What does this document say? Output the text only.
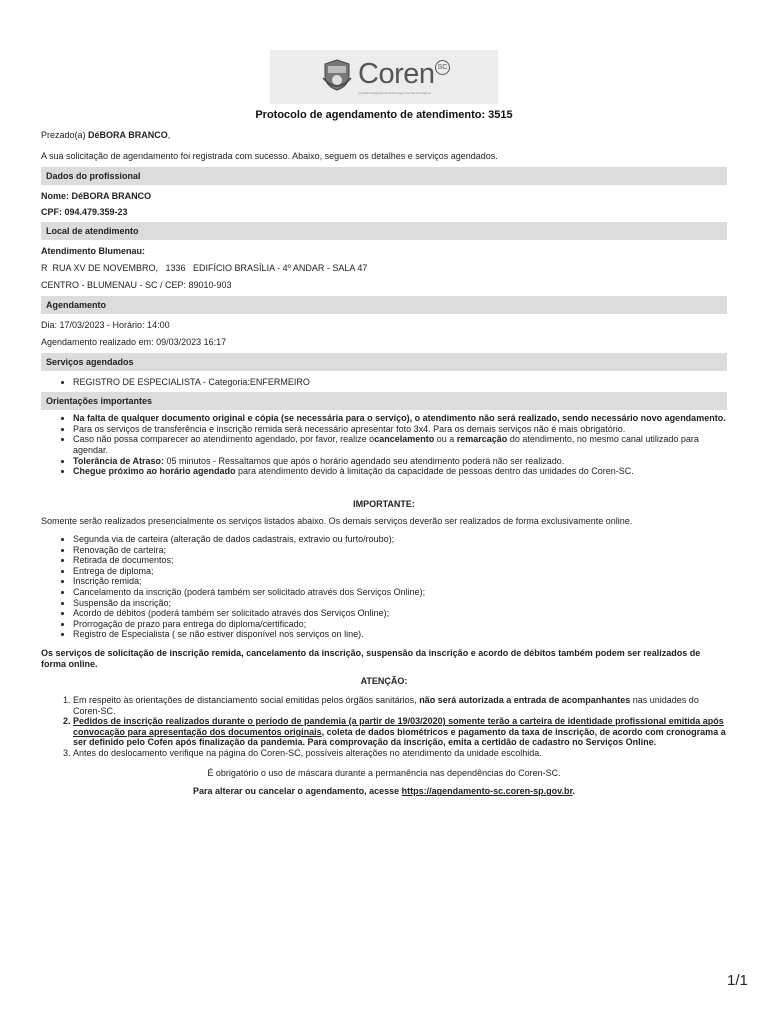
Coren SC
Conselho Regional de Enfermagem de Santa Catarina
Protocolo de agendamento de atendimento: 3515

Prezado(a) DéBORA BRANCO,

A sua solicitação de agendamento foi registrada com sucesso. Abaixo, seguem os detalhes e serviços agendados.

Dados do profissional

Nome: DéBORA BRANCO

CPF: 094.479.359-23

Local de atendimento

Atendimento Blumenau:

R  RUA XV DE NOVEMBRO,   1336   EDIFÍCIO BRASÍLIA - 4º ANDAR - SALA 47

CENTRO - BLUMENAU - SC / CEP: 89010-903

Agendamento

Dia: 17/03/2023 - Horário: 14:00

Agendamento realizado em: 09/03/2023 16:17

Serviços agendados
• REGISTRO DE ESPECIALISTA - Categoria:ENFERMEIRO
Orientações importantes
• Na falta de qualquer documento original e cópia (se necessária para o serviço), o atendimento não será realizado, sendo necessário novo agendamento.
• Para os serviços de transferência e inscrição remida será necessário apresentar foto 3x4. Para os demais serviços não é mais obrigatório.
• Caso não possa comparecer ao atendimento agendado, por favor, realize ocancelamento ou a remarcação do atendimento, no mesmo canal utilizado para agendar.
• Tolerância de Atraso: 05 minutos - Ressaltamos que após o horário agendado seu atendimento poderá não ser realizado.
• Chegue próximo ao horário agendado para atendimento devido à limitação da capacidade de pessoas dentro das unidades do Coren-SC.

IMPORTANTE:

Somente serão realizados presencialmente os serviços listados abaixo. Os demais serviços deverão ser realizados de forma exclusivamente online.

• Segunda via de carteira (alteração de dados cadastrais, extravio ou furto/roubo);
• Renovação de carteira;
• Retirada de documentos;
• Entrega de diploma;
• Inscrição remida;
• Cancelamento da inscrição (poderá também ser solicitado através dos Serviços Online);
• Suspensão da inscrição;
• Acordo de débitos (poderá também ser solicitado através dos Serviços Online);
• Prorrogação de prazo para entrega do diploma/certificado;
• Registro de Especialista ( se não estiver disponível nos serviços on line).

Os serviços de solicitação de inscrição remida, cancelamento da inscrição, suspensão da inscrição e acordo de débitos também podem ser realizados de forma online.

ATENÇÃO:

1. Em respeito às orientações de distanciamento social emitidas pelos órgãos sanitários, não será autorizada a entrada de acompanhantes nas unidades do Coren-SC.
2. Pedidos de inscrição realizados durante o período de pandemia (a partir de 19/03/2020) somente terão a carteira de identidade profissional emitida após convocação para apresentação dos documentos originais, coleta de dados biométricos e pagamento da taxa de inscrição, de acordo com cronograma a ser definido pelo Cofen após finalização da pandemia. Para comprovação da inscrição, emita a certidão de cadastro no Serviços Online.
3. Antes do deslocamento verifique na página do Coren-SC, possíveis alterações no atendimento da unidade escolhida.

É obrigatório o uso de máscara durante a permanência nas dependências do Coren-SC.

Para alterar ou cancelar o agendamento, acesse https://agendamento-sc.coren-sp.gov.br.

1/1
